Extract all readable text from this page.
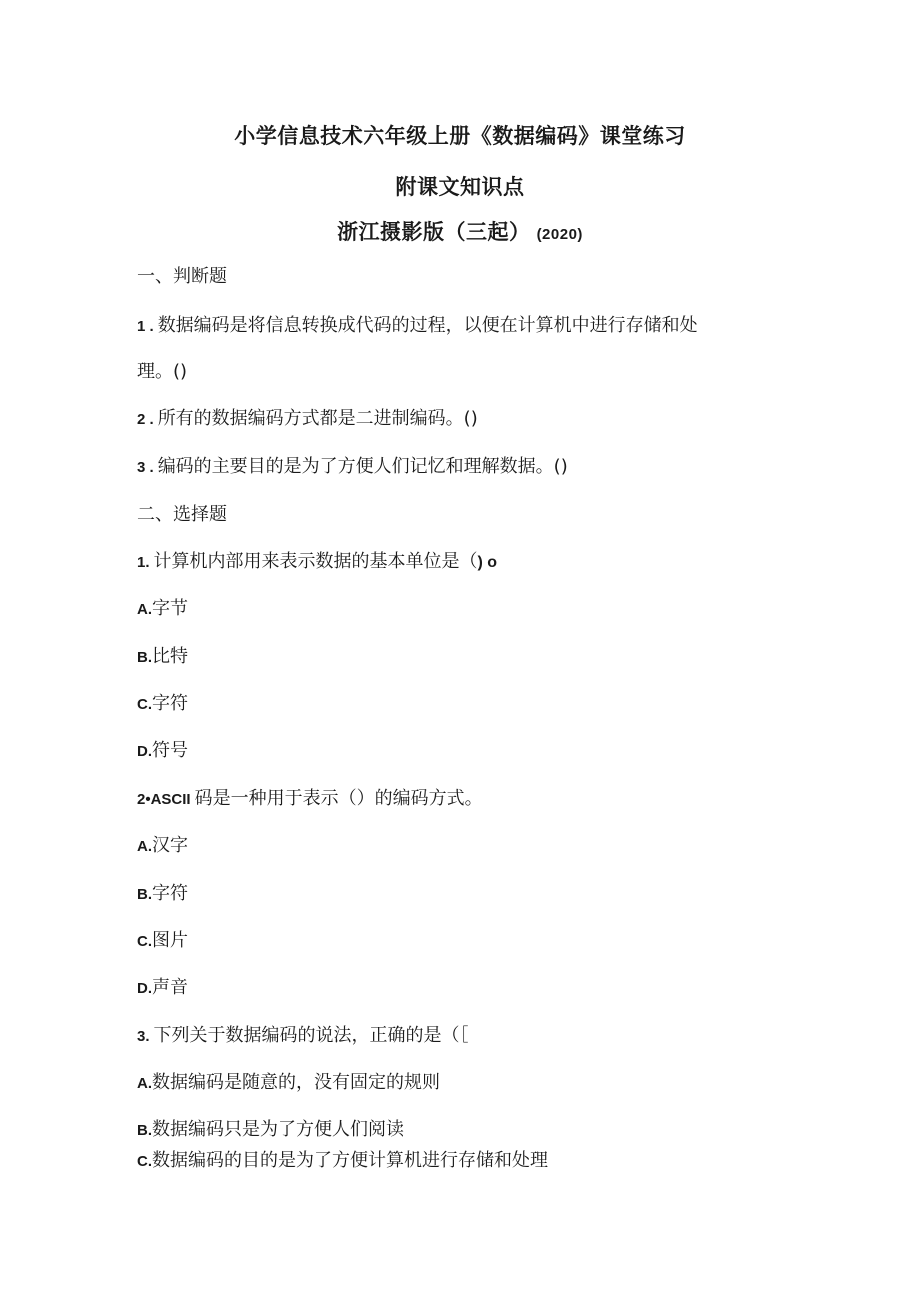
小学信息技术六年级上册《数据编码》课堂练习
附课文知识点
浙江摄影版（三起） (2020)
一、判断题
1 . 数据编码是将信息转换成代码的过程，以便在计算机中进行存储和处
理。()
2 . 所有的数据编码方式都是二进制编码。()
3 . 编码的主要目的是为了方便人们记忆和理解数据。()
二、选择题
1. 计算机内部用来表示数据的基本单位是（) o
A.字节
B.比特
C.字符
D.符号
2•ASCII 码是一种用于表示（）的编码方式。
A.汉字
B.字符
C.图片
D.声音
3. 下列关于数据编码的说法，正确的是（［
A.数据编码是随意的，没有固定的规则
B.数据编码只是为了方便人们阅读
C.数据编码的目的是为了方便计算机进行存储和处理
